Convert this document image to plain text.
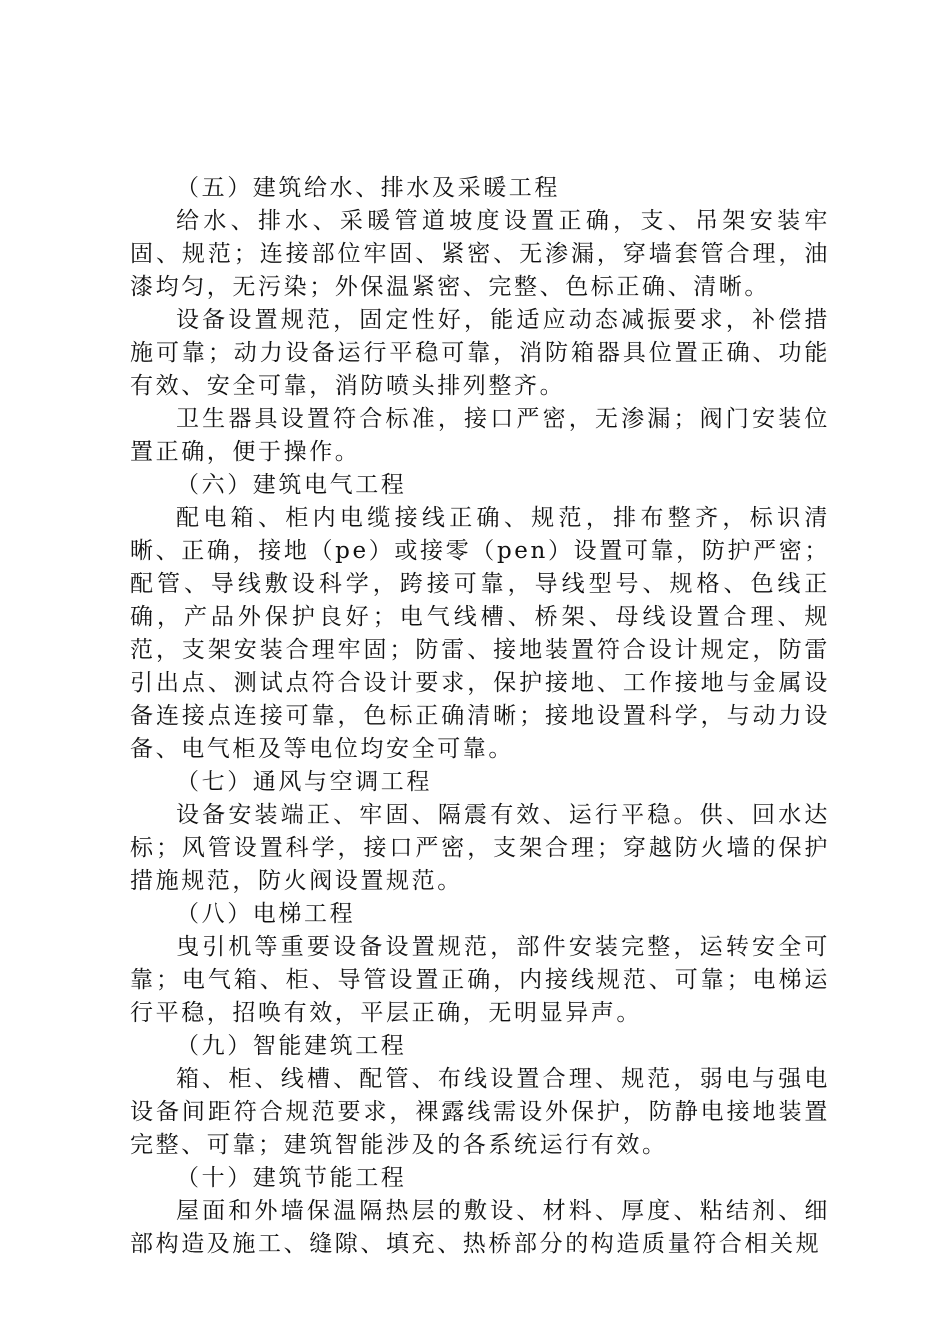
（五）建筑给水、排水及采暖工程

给水、排水、采暖管道坡度设置正确，支、吊架安装牢固、规范；连接部位牢固、紧密、无渗漏，穿墙套管合理，油漆均匀，无污染；外保温紧密、完整、色标正确、清晰。

设备设置规范，固定性好，能适应动态减振要求，补偿措施可靠；动力设备运行平稳可靠，消防箱器具位置正确、功能有效、安全可靠，消防喷头排列整齐。

卫生器具设置符合标准，接口严密，无渗漏；阀门安装位置正确，便于操作。

（六）建筑电气工程

配电箱、柜内电缆接线正确、规范，排布整齐，标识清晰、正确，接地（pe）或接零（pen）设置可靠，防护严密；配管、导线敷设科学，跨接可靠，导线型号、规格、色线正确，产品外保护良好；电气线槽、桥架、母线设置合理、规范，支架安装合理牢固；防雷、接地装置符合设计规定，防雷引出点、测试点符合设计要求，保护接地、工作接地与金属设备连接点连接可靠，色标正确清晰；接地设置科学，与动力设备、电气柜及等电位均安全可靠。

（七）通风与空调工程

设备安装端正、牢固、隔震有效、运行平稳。供、回水达标；风管设置科学，接口严密，支架合理；穿越防火墙的保护措施规范，防火阀设置规范。

（八）电梯工程

曳引机等重要设备设置规范，部件安装完整，运转安全可靠；电气箱、柜、导管设置正确，内接线规范、可靠；电梯运行平稳，招唤有效，平层正确，无明显异声。

（九）智能建筑工程

箱、柜、线槽、配管、布线设置合理、规范，弱电与强电设备间距符合规范要求，裸露线需设外保护，防静电接地装置完整、可靠；建筑智能涉及的各系统运行有效。

（十）建筑节能工程

屋面和外墙保温隔热层的敷设、材料、厚度、粘结剂、细部构造及施工、缝隙、填充、热桥部分的构造质量符合相关规
